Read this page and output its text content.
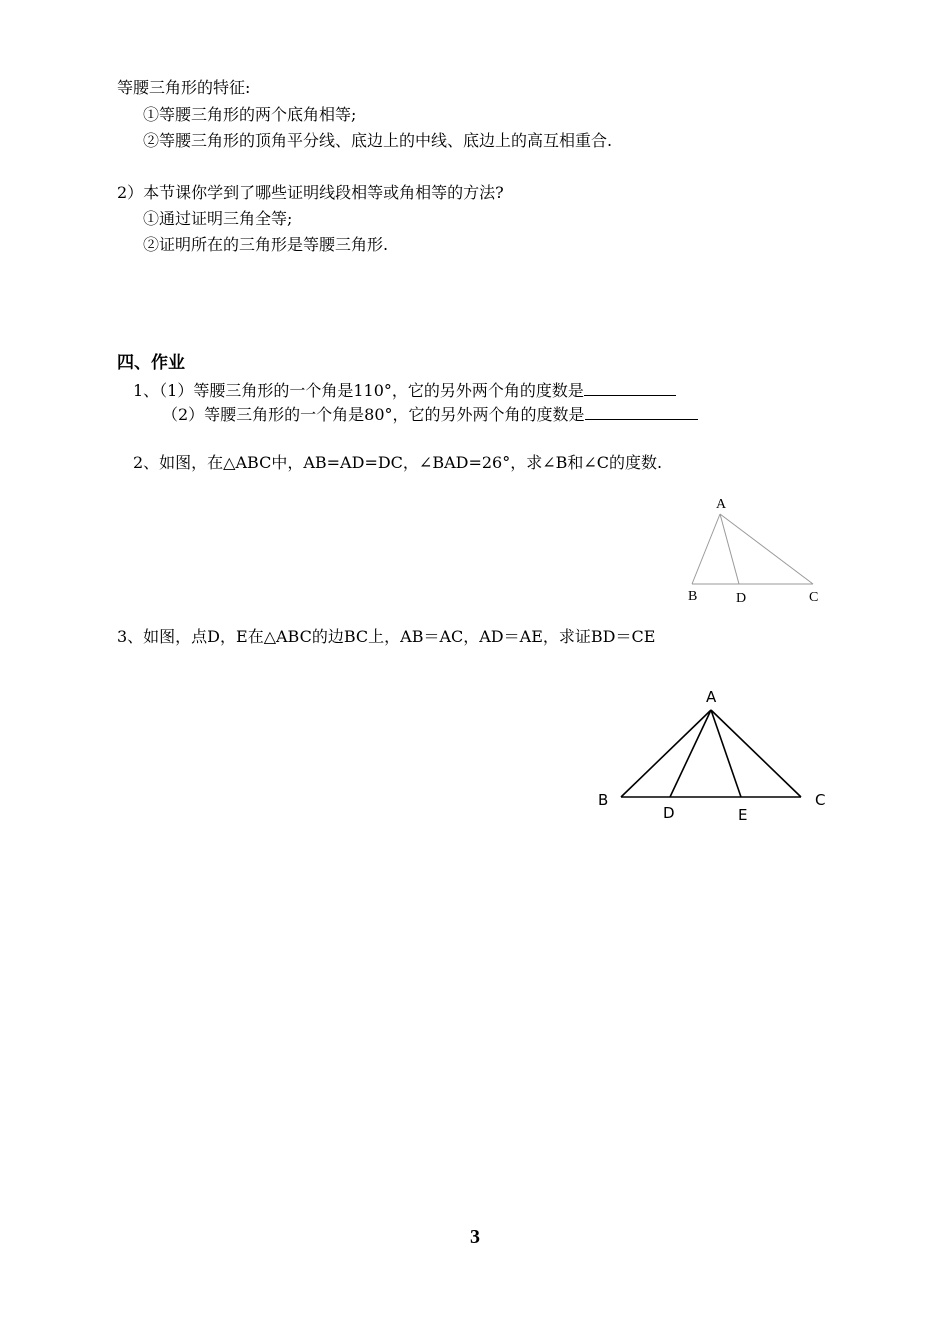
等腰三角形的特征:
①等腰三角形的两个底角相等;
②等腰三角形的顶角平分线、底边上的中线、底边上的高互相重合.
2）本节课你学到了哪些证明线段相等或角相等的方法?
①通过证明三角全等;
②证明所在的三角形是等腰三角形.
四、作业
1、（1）等腰三角形的一个角是110°，它的另外两个角的度数是
（2）等腰三角形的一个角是80°，它的另外两个角的度数是
2、如图，在△ABC中，AB=AD=DC，∠BAD=26°，求∠B和∠C的度数.
A
B	D	C
3、如图，点D，E在△ABC的边BC上，AB＝AC，AD＝AE，求证BD＝CE
A
B
D	E
C
3
